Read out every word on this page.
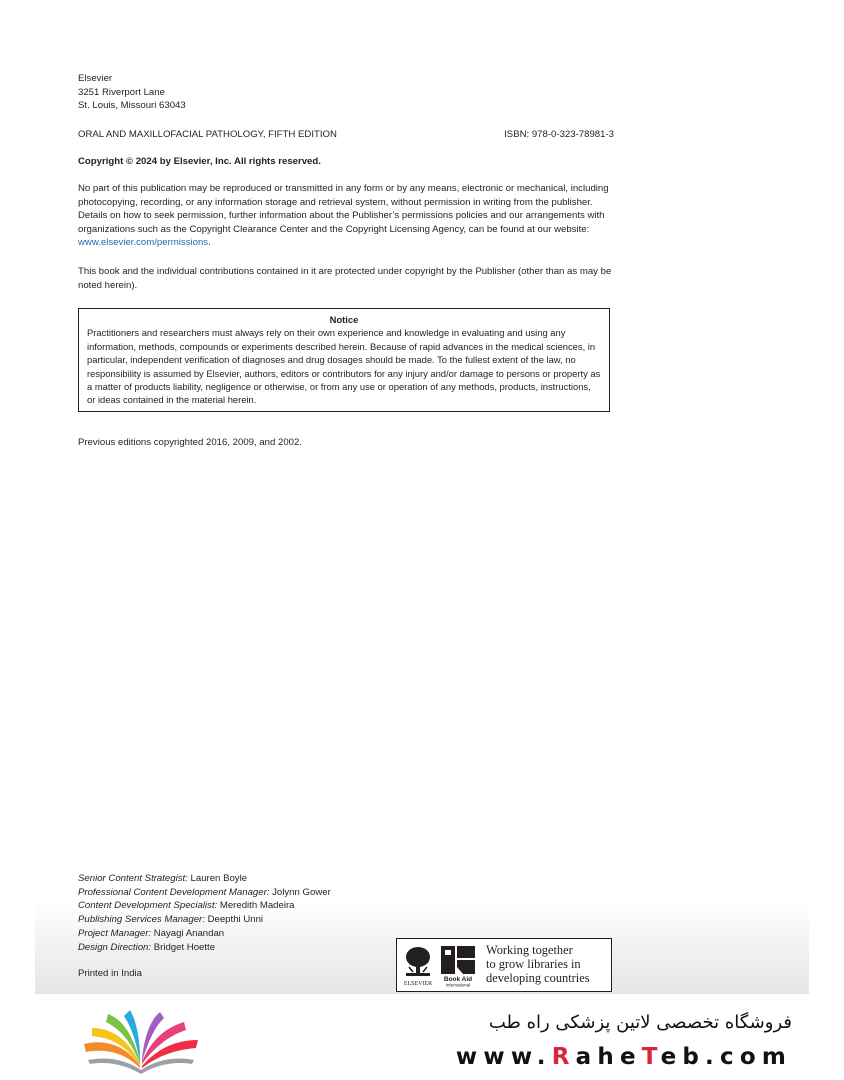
Elsevier
3251 Riverport Lane
St. Louis, Missouri 63043
ORAL AND MAXILLOFACIAL PATHOLOGY, FIFTH EDITION	ISBN: 978-0-323-78981-3
Copyright © 2024 by Elsevier, Inc. All rights reserved.
No part of this publication may be reproduced or transmitted in any form or by any means, electronic or mechanical, including photocopying, recording, or any information storage and retrieval system, without permission in writing from the publisher. Details on how to seek permission, further information about the Publisher’s permissions policies and our arrangements with organizations such as the Copyright Clearance Center and the Copyright Licensing Agency, can be found at our website: www.elsevier.com/permissions.
This book and the individual contributions contained in it are protected under copyright by the Publisher (other than as may be noted herein).
Notice
Practitioners and researchers must always rely on their own experience and knowledge in evaluating and using any information, methods, compounds or experiments described herein. Because of rapid advances in the medical sciences, in particular, independent verification of diagnoses and drug dosages should be made. To the fullest extent of the law, no responsibility is assumed by Elsevier, authors, editors or contributors for any injury and/or damage to persons or property as a matter of products liability, negligence or otherwise, or from any use or operation of any methods, products, instructions, or ideas contained in the material herein.
Previous editions copyrighted 2016, 2009, and 2002.
Senior Content Strategist: Lauren Boyle
Professional Content Development Manager: Jolynn Gower
Content Development Specialist: Meredith Madeira
Publishing Services Manager: Deepthi Unni
Project Manager: Nayagi Anandan
Design Direction: Bridget Hoette
Printed in India
ELSEVIER
Book Aid
International
Working together
to grow libraries in
developing countries
فروشگاه تخصصی لاتین پزشکی راه طب
www.RaheTeb.com
